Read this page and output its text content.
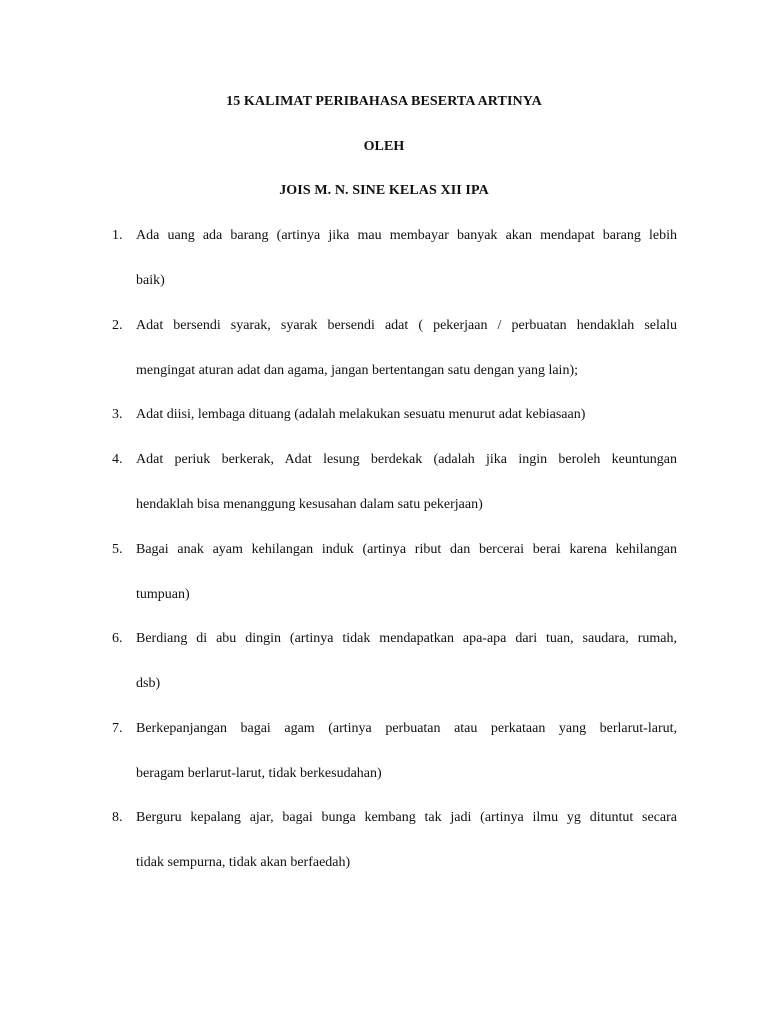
15 KALIMAT PERIBAHASA BESERTA ARTINYA
OLEH
JOIS M. N. SINE KELAS XII IPA
1. Ada uang ada barang (artinya jika mau membayar banyak akan mendapat barang lebih
baik)
2. Adat bersendi syarak, syarak bersendi adat ( pekerjaan / perbuatan hendaklah selalu
mengingat aturan adat dan agama, jangan bertentangan satu dengan yang lain);
3. Adat diisi, lembaga dituang (adalah melakukan sesuatu menurut adat kebiasaan)
4. Adat periuk berkerak, Adat lesung berdekak (adalah jika ingin beroleh keuntungan
hendaklah bisa menanggung kesusahan dalam satu pekerjaan)
5. Bagai anak ayam kehilangan induk (artinya ribut dan bercerai berai karena kehilangan
tumpuan)
6. Berdiang di abu dingin (artinya tidak mendapatkan apa-apa dari tuan, saudara, rumah,
dsb)
7. Berkepanjangan bagai agam (artinya perbuatan atau perkataan yang berlarut-larut,
beragam berlarut-larut, tidak berkesudahan)
8. Berguru kepalang ajar, bagai bunga kembang tak jadi (artinya ilmu yg dituntut secara
tidak sempurna, tidak akan berfaedah)
